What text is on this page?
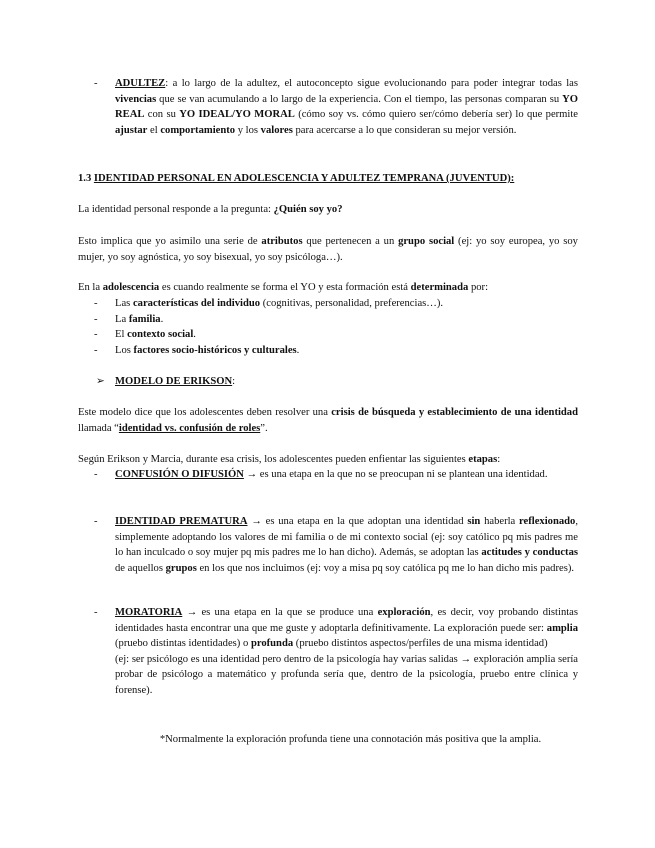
-	ADULTEZ: a lo largo de la adultez, el autoconcepto sigue evolucionando para poder integrar todas las vivencias que se van acumulando a lo largo de la experiencia. Con el tiempo, las personas comparan su YO REAL con su YO IDEAL/YO MORAL (cómo soy vs. cómo quiero ser/cómo debería ser) lo que permite ajustar el comportamiento y los valores para acercarse a lo que consideran su mejor versión.
1.3 IDENTIDAD PERSONAL EN ADOLESCENCIA Y ADULTEZ TEMPRANA (JUVENTUD):
La identidad personal responde a la pregunta: ¿Quién soy yo?
Esto implica que yo asimilo una serie de atributos que pertenecen a un grupo social (ej: yo soy europea, yo soy mujer, yo soy agnóstica, yo soy bisexual, yo soy psicóloga…).
En la adolescencia es cuando realmente se forma el YO y esta formación está determinada por:
-	Las características del individuo (cognitivas, personalidad, preferencias…).
-	La familia.
-	El contexto social.
-	Los factores socio-históricos y culturales.
➢ MODELO DE ERIKSON:
Este modelo dice que los adolescentes deben resolver una crisis de búsqueda y establecimiento de una identidad llamada “identidad vs. confusión de roles”.
Según Erikson y Marcia, durante esa crisis, los adolescentes pueden enfientar las siguientes etapas:
-	CONFUSIÓN O DIFUSIÓN → es una etapa en la que no se preocupan ni se plantean una identidad.
-	IDENTIDAD PREMATURA → es una etapa en la que adoptan una identidad sin haberla reflexionado, simplemente adoptando los valores de mi familia o de mi contexto social (ej: soy católico pq mis padres me lo han inculcado o soy mujer pq mis padres me lo han dicho). Además, se adoptan las actitudes y conductas de aquellos grupos en los que nos incluimos (ej: voy a misa pq soy católica pq me lo han dicho mis padres).
-	MORATORIA → es una etapa en la que se produce una exploración, es decir, voy probando distintas identidades hasta encontrar una que me guste y adoptarla definitivamente. La exploración puede ser: amplia (pruebo distintas identidades) o profunda (pruebo distintos aspectos/perfiles de una misma identidad)
(ej: ser psicólogo es una identidad pero dentro de la psicología hay varias salidas → exploración amplia sería probar de psicólogo a matemático y profunda sería que, dentro de la psicología, pruebo entre clínica y forense).
*Normalmente la exploración profunda tiene una connotación más positiva que la amplia.
